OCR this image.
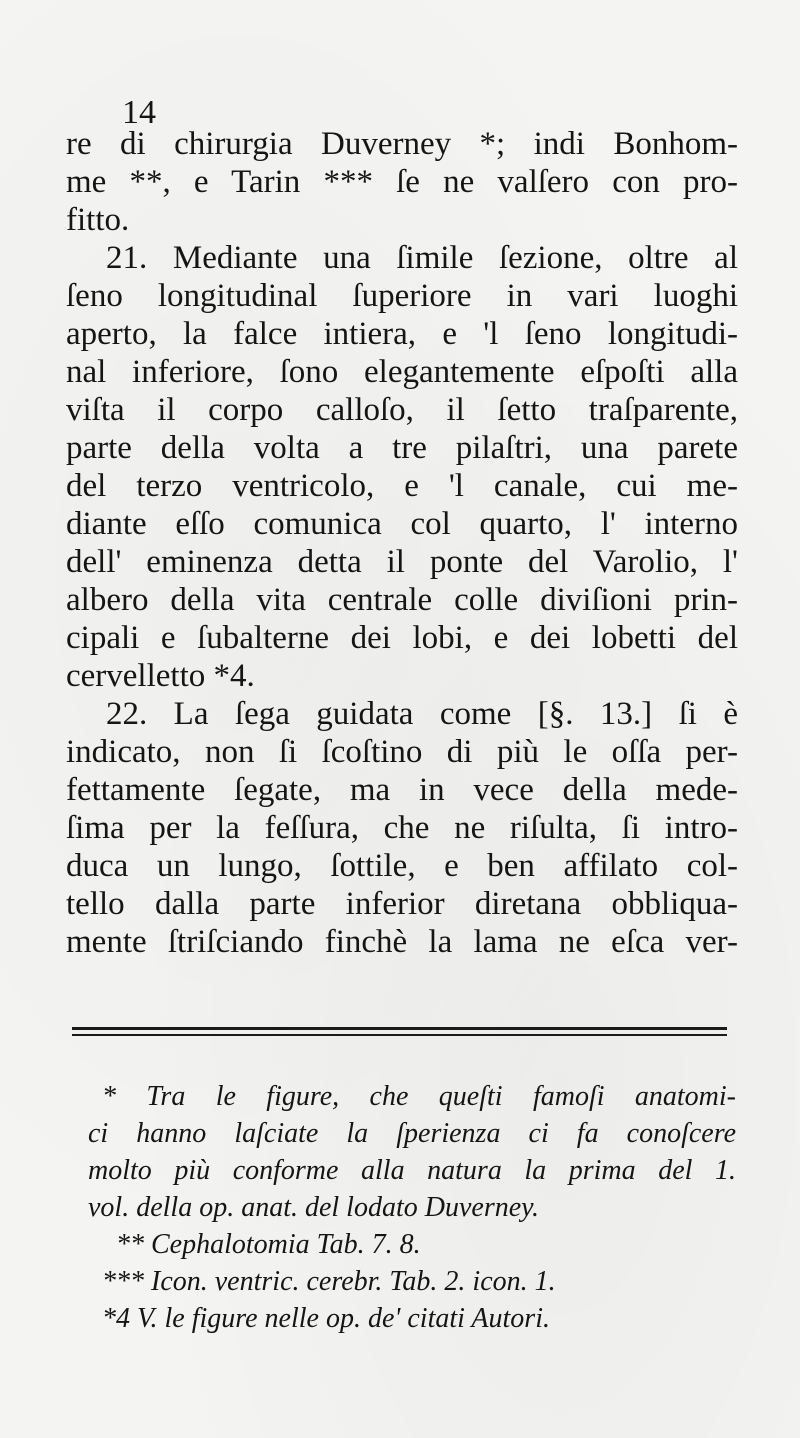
14
re di chirurgia Duverney *; indi Bonhom-
me **, e Tarin *** ſe ne valſero con pro-
fitto.
21. Mediante una ſimile ſezione, oltre al
ſeno longitudinal ſuperiore in vari luoghi
aperto, la falce intiera, e 'l ſeno longitudi-
nal inferiore, ſono elegantemente eſpoſti alla
viſta il corpo calloſo, il ſetto traſparente,
parte della volta a tre pilaſtri, una parete
del terzo ventricolo, e 'l canale, cui me-
diante eſſo comunica col quarto, l' interno
dell' eminenza detta il ponte del Varolio, l'
albero della vita centrale colle diviſioni prin-
cipali e ſubalterne dei lobi, e dei lobetti del
cervelletto *4.
22. La ſega guidata come [§. 13.] ſi è
indicato, non ſi ſcoſtino di più le oſſa per-
fettamente ſegate, ma in vece della mede-
ſima per la feſſura, che ne riſulta, ſi intro-
duca un lungo, ſottile, e ben affilato col-
tello dalla parte inferior diretana obbliqua-
mente ſtriſciando finchè la lama ne eſca ver-
* Tra le figure, che queſti famoſi anatomi-
ci hanno laſciate la ſperienza ci fa conoſcere
molto più conforme alla natura la prima del 1.
vol. della op. anat. del lodato Duverney.
** Cephalotomia Tab. 7. 8.
*** Icon. ventric. cerebr. Tab. 2. icon. 1.
*4 V. le figure nelle op. de' citati Autori.
